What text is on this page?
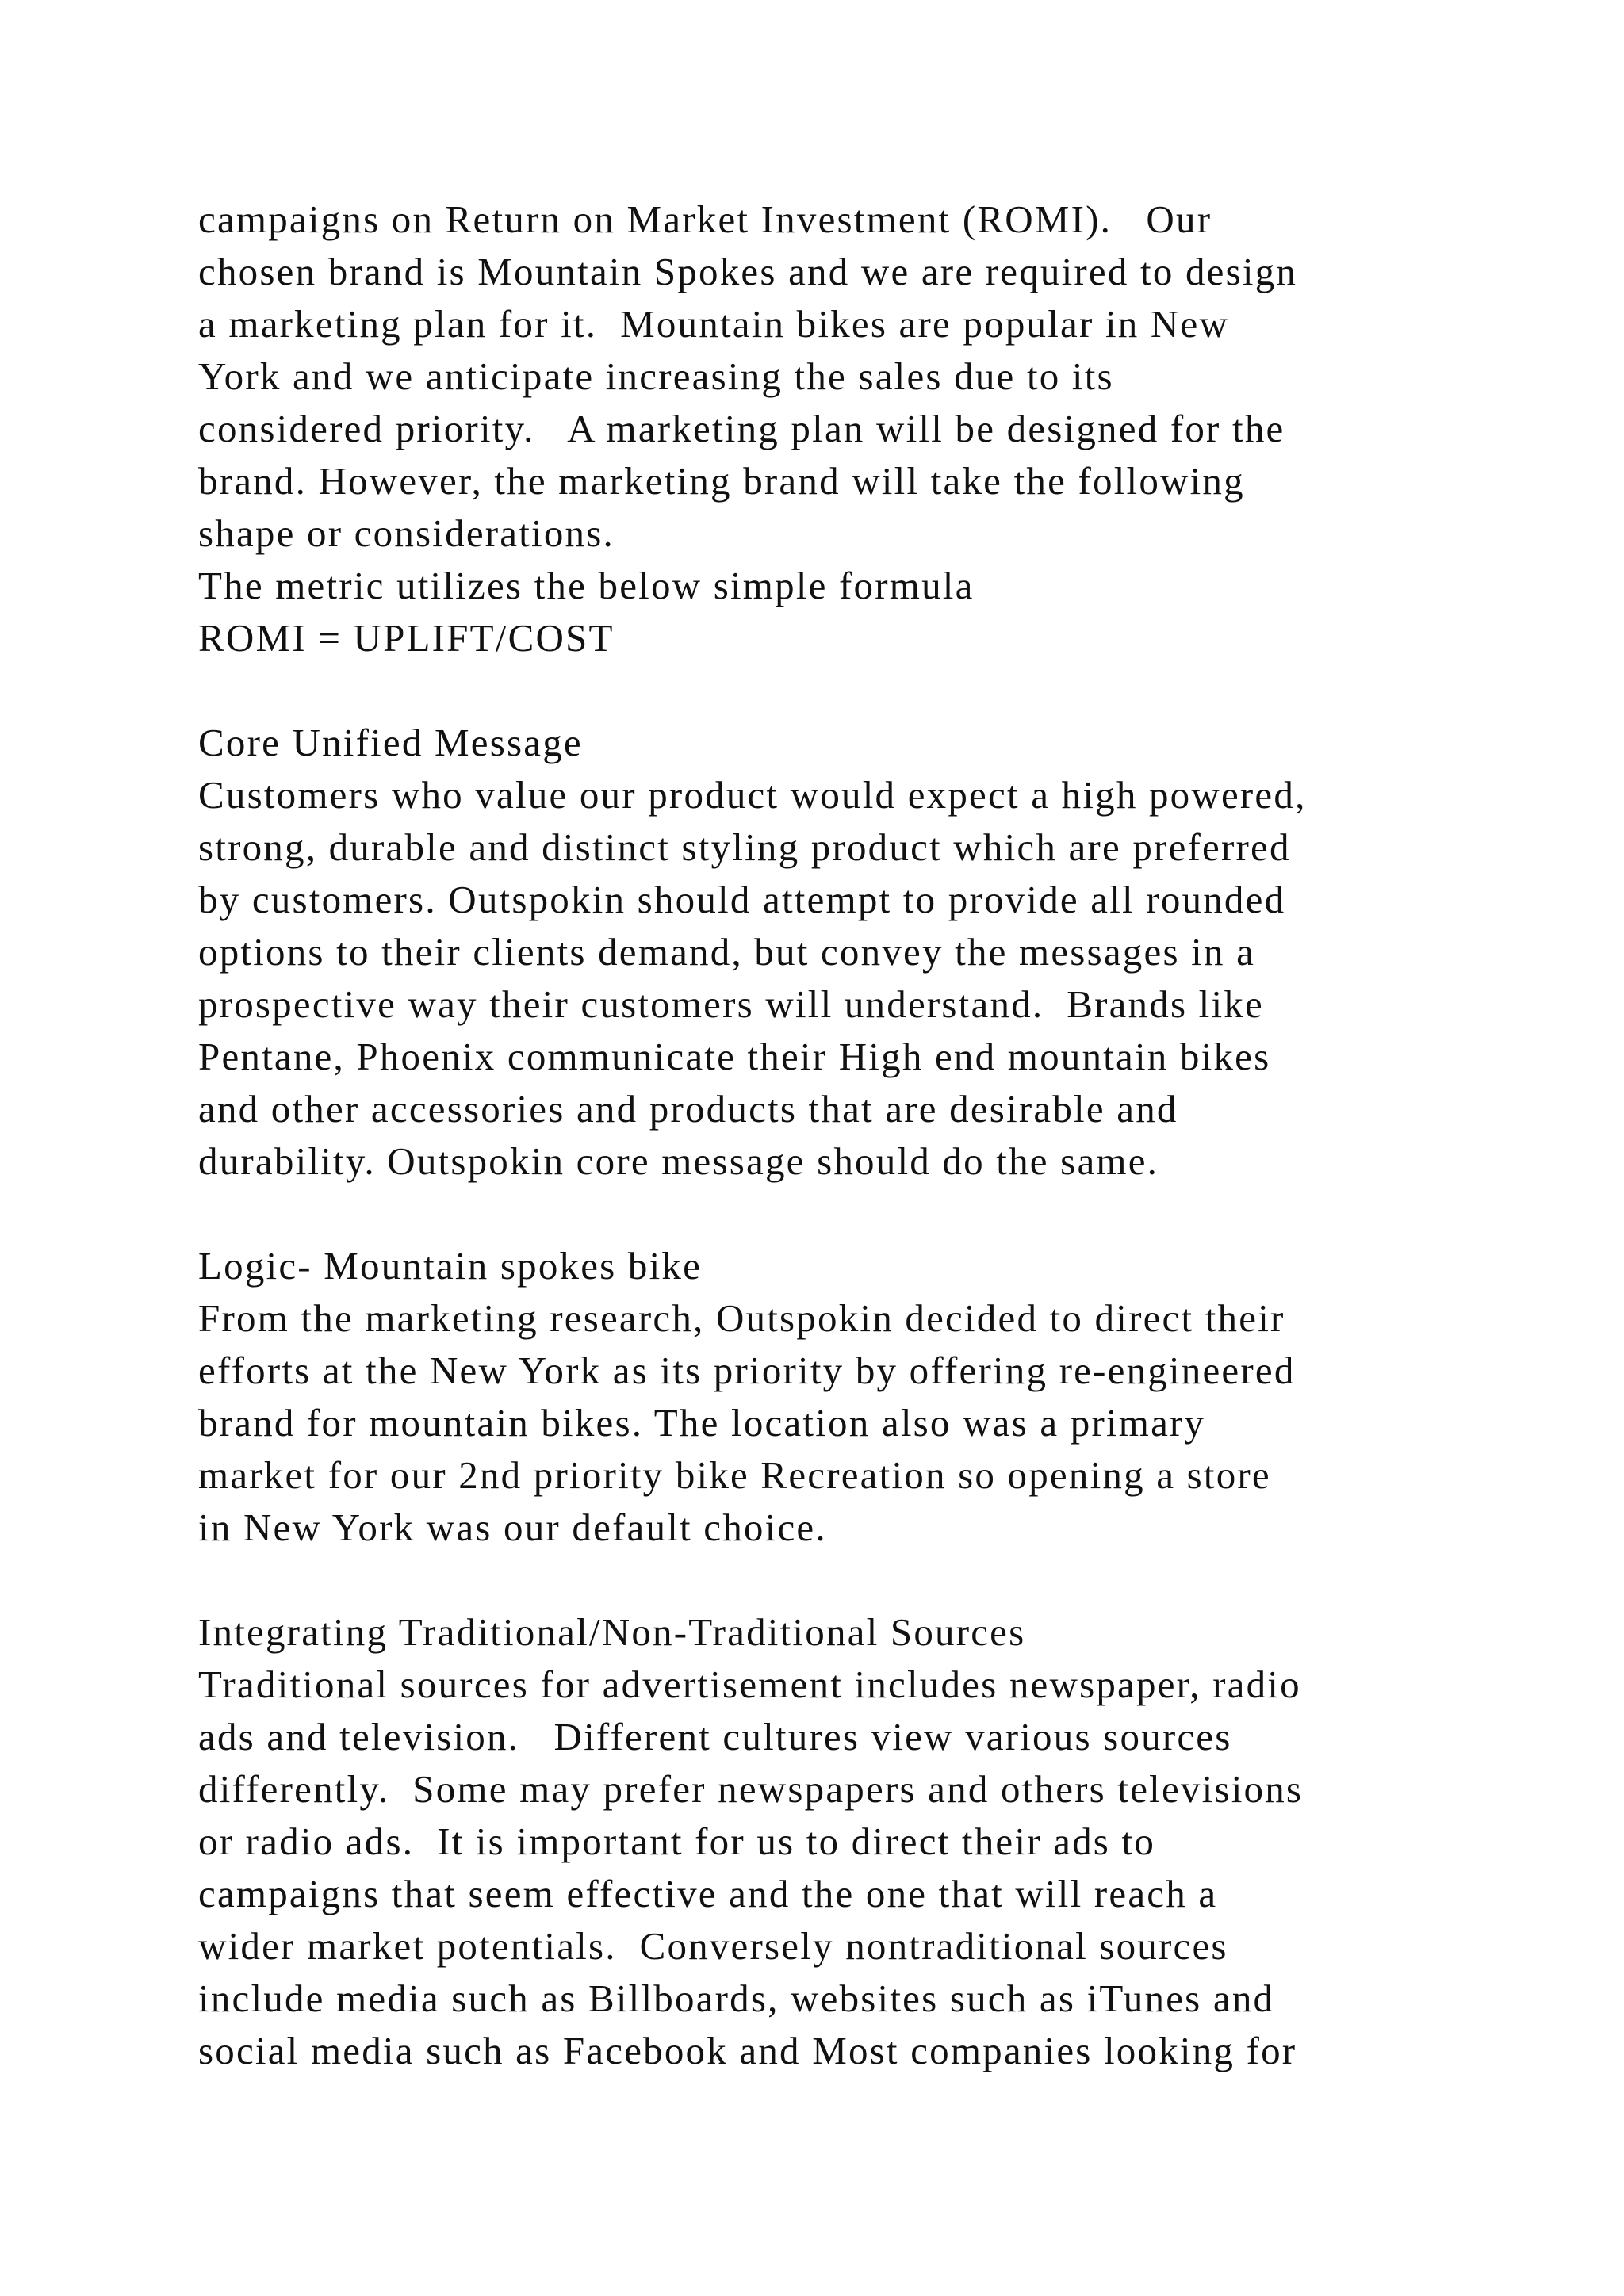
campaigns on Return on Market Investment (ROMI).   Our
chosen brand is Mountain Spokes and we are required to design
a marketing plan for it.  Mountain bikes are popular in New
York and we anticipate increasing the sales due to its
considered priority.   A marketing plan will be designed for the
brand. However, the marketing brand will take the following
shape or considerations.
The metric utilizes the below simple formula
ROMI = UPLIFT/COST
Core Unified Message
Customers who value our product would expect a high powered,
strong, durable and distinct styling product which are preferred
by customers. Outspokin should attempt to provide all rounded
options to their clients demand, but convey the messages in a
prospective way their customers will understand.  Brands like
Pentane, Phoenix communicate their High end mountain bikes
and other accessories and products that are desirable and
durability. Outspokin core message should do the same.
Logic- Mountain spokes bike
From the marketing research, Outspokin decided to direct their
efforts at the New York as its priority by offering re-engineered
brand for mountain bikes. The location also was a primary
market for our 2nd priority bike Recreation so opening a store
in New York was our default choice.
Integrating Traditional/Non-Traditional Sources
Traditional sources for advertisement includes newspaper, radio
ads and television.   Different cultures view various sources
differently.  Some may prefer newspapers and others televisions
or radio ads.  It is important for us to direct their ads to
campaigns that seem effective and the one that will reach a
wider market potentials.  Conversely nontraditional sources
include media such as Billboards, websites such as iTunes and
social media such as Facebook and Most companies looking for
